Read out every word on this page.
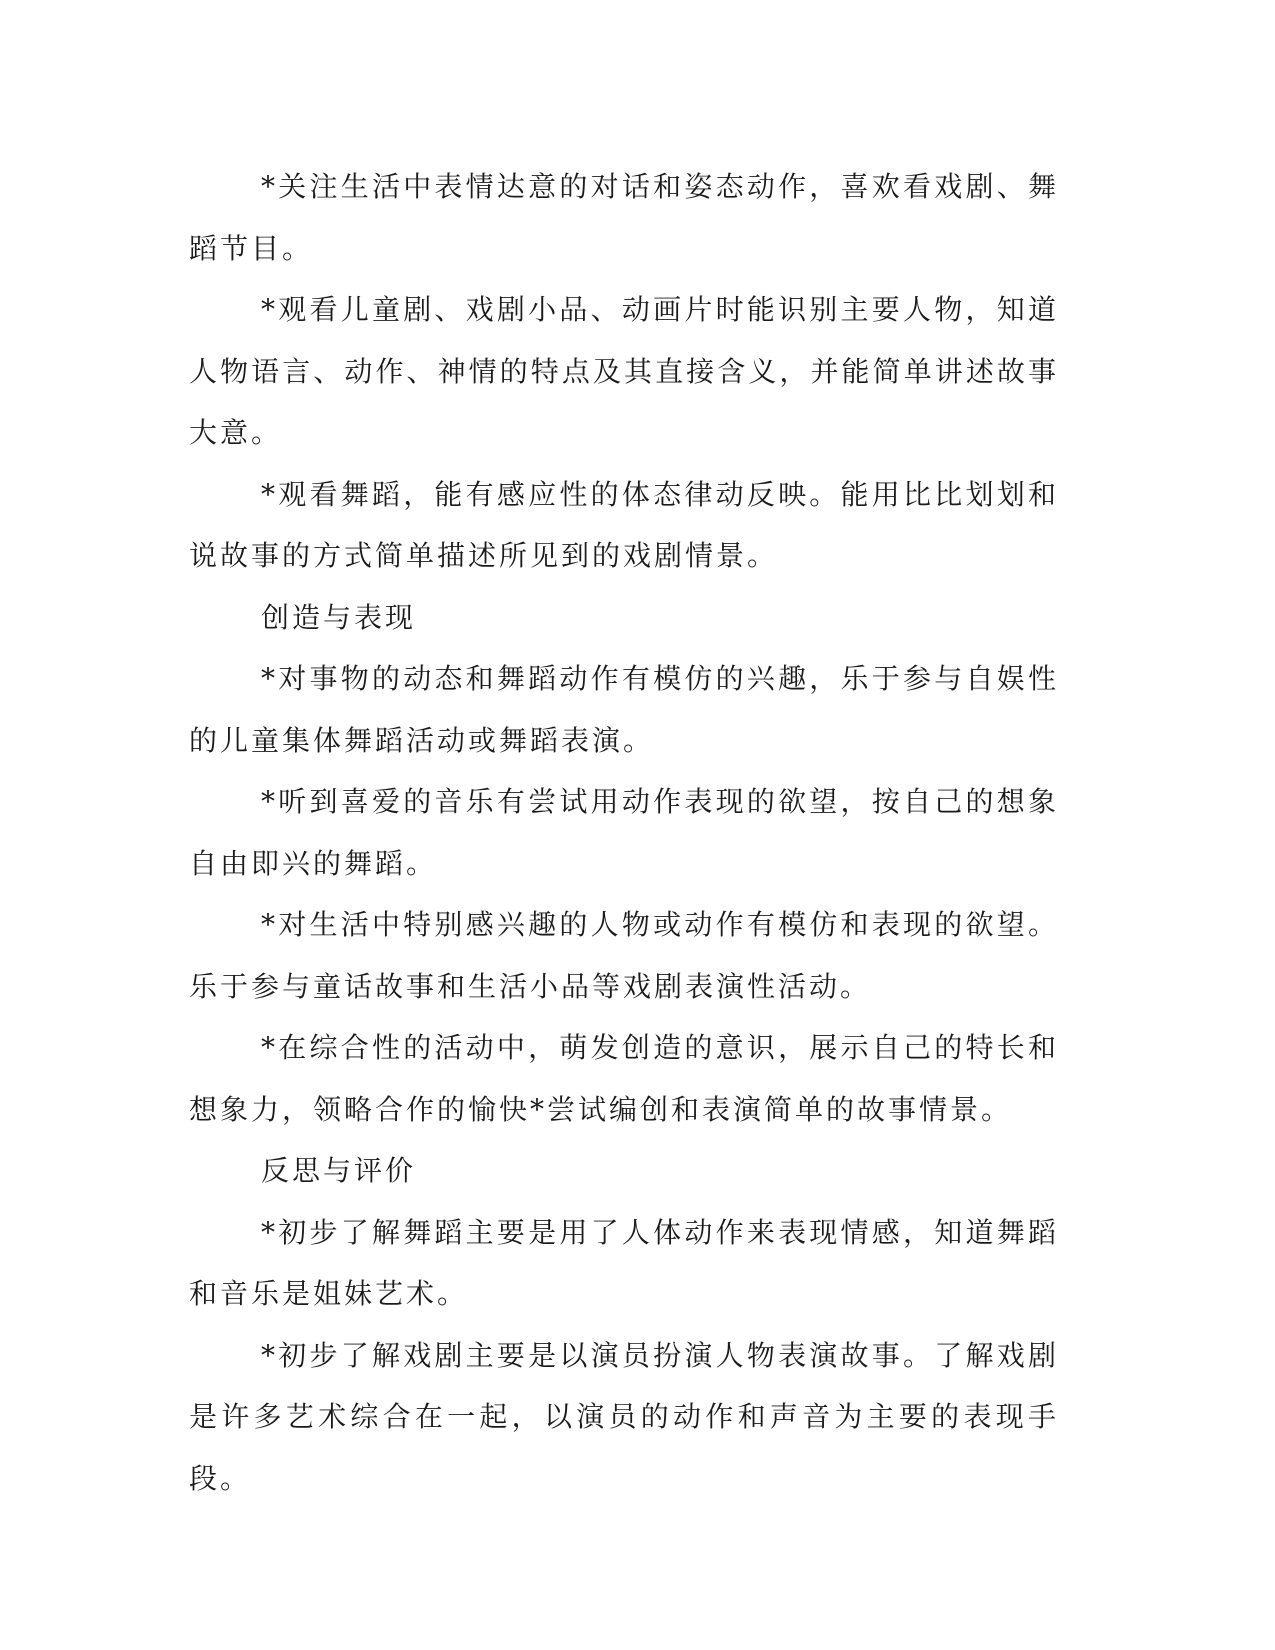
*关注生活中表情达意的对话和姿态动作，喜欢看戏剧、舞蹈节目。

*观看儿童剧、戏剧小品、动画片时能识别主要人物，知道人物语言、动作、神情的特点及其直接含义，并能简单讲述故事大意。

*观看舞蹈，能有感应性的体态律动反映。能用比比划划和说故事的方式简单描述所见到的戏剧情景。

创造与表现

*对事物的动态和舞蹈动作有模仿的兴趣，乐于参与自娱性的儿童集体舞蹈活动或舞蹈表演。

*听到喜爱的音乐有尝试用动作表现的欲望，按自己的想象自由即兴的舞蹈。

*对生活中特别感兴趣的人物或动作有模仿和表现的欲望。乐于参与童话故事和生活小品等戏剧表演性活动。

*在综合性的活动中，萌发创造的意识，展示自己的特长和想象力，领略合作的愉快*尝试编创和表演简单的故事情景。

反思与评价

*初步了解舞蹈主要是用了人体动作来表现情感，知道舞蹈和音乐是姐妹艺术。

*初步了解戏剧主要是以演员扮演人物表演故事。了解戏剧是许多艺术综合在一起，以演员的动作和声音为主要的表现手段。
